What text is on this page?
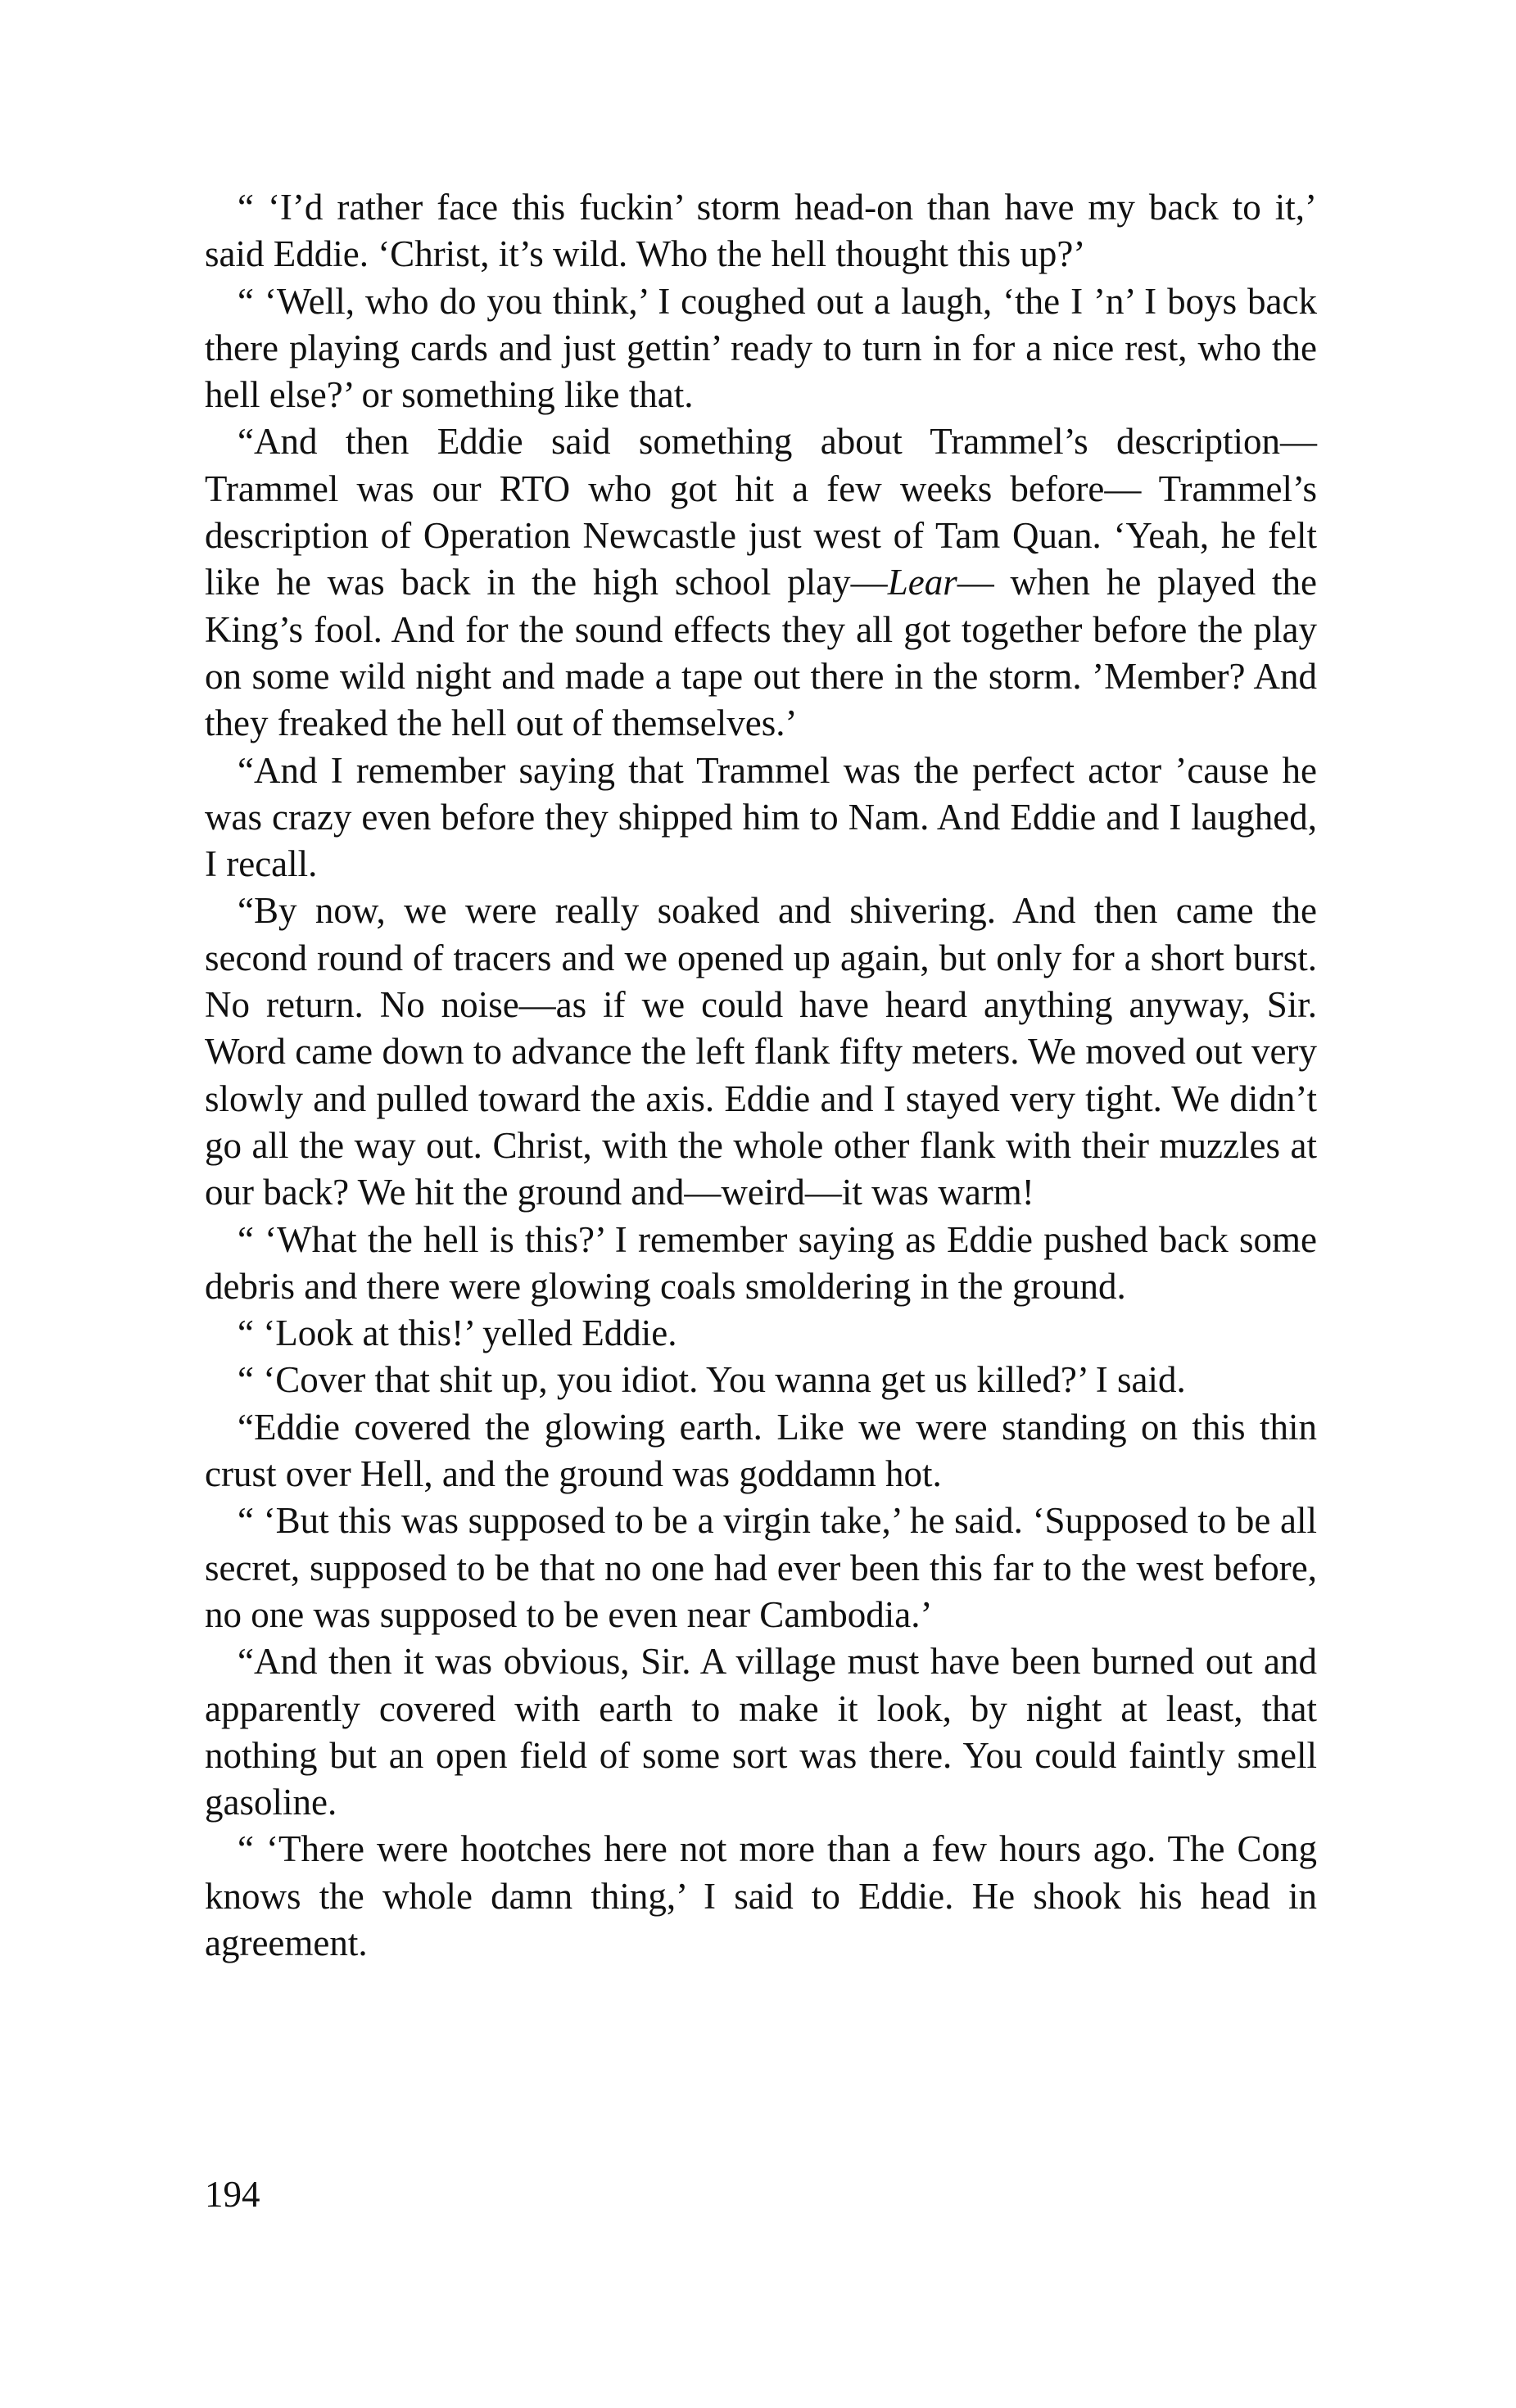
“ ‘I’d rather face this fuckin’ storm head-on than have my back to it,’ said Eddie. ‘Christ, it’s wild. Who the hell thought this up?’

“ ‘Well, who do you think,’ I coughed out a laugh, ‘the I ’n’ I boys back there playing cards and just gettin’ ready to turn in for a nice rest, who the hell else?’ or something like that.

“And then Eddie said something about Trammel’s description— Trammel was our RTO who got hit a few weeks before— Trammel’s description of Operation Newcastle just west of Tam Quan. ‘Yeah, he felt like he was back in the high school play—Lear— when he played the King’s fool. And for the sound effects they all got together before the play on some wild night and made a tape out there in the storm. ’Member? And they freaked the hell out of themselves.’

“And I remember saying that Trammel was the perfect actor ’cause he was crazy even before they shipped him to Nam. And Eddie and I laughed, I recall.

“By now, we were really soaked and shivering. And then came the second round of tracers and we opened up again, but only for a short burst. No return. No noise—as if we could have heard anything anyway, Sir. Word came down to advance the left flank fifty meters. We moved out very slowly and pulled toward the axis. Eddie and I stayed very tight. We didn’t go all the way out. Christ, with the whole other flank with their muzzles at our back? We hit the ground and—weird—it was warm!

“ ‘What the hell is this?’ I remember saying as Eddie pushed back some debris and there were glowing coals smoldering in the ground.

“ ‘Look at this!’ yelled Eddie.

“ ‘Cover that shit up, you idiot. You wanna get us killed?’ I said.

“Eddie covered the glowing earth. Like we were standing on this thin crust over Hell, and the ground was goddamn hot.

“ ‘But this was supposed to be a virgin take,’ he said. ‘Supposed to be all secret, supposed to be that no one had ever been this far to the west before, no one was supposed to be even near Cambodia.’

“And then it was obvious, Sir. A village must have been burned out and apparently covered with earth to make it look, by night at least, that nothing but an open field of some sort was there. You could faintly smell gasoline.

“ ‘There were hootches here not more than a few hours ago. The Cong knows the whole damn thing,’ I said to Eddie. He shook his head in agreement.

194
